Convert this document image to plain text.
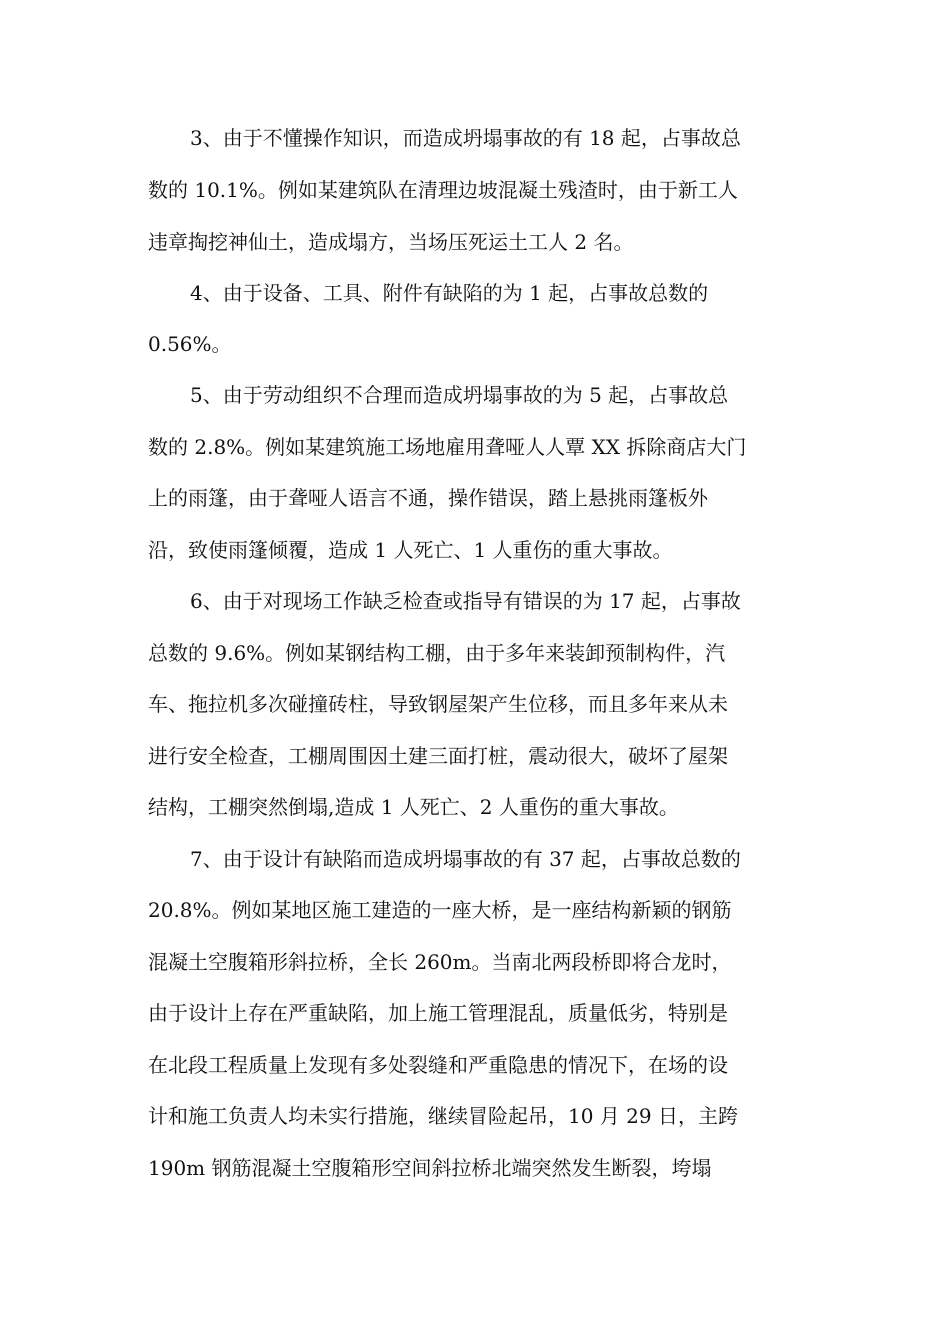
3、由于不懂操作知识，而造成坍塌事故的有 18 起，占事故总
数的 10.1%。例如某建筑队在清理边坡混凝土残渣时，由于新工人
违章掏挖神仙土，造成塌方，当场压死运土工人 2 名。
4、由于设备、工具、附件有缺陷的为 1 起，占事故总数的
0.56%。
5、由于劳动组织不合理而造成坍塌事故的为 5 起，占事故总
数的 2.8%。例如某建筑施工场地雇用聋哑人人覃 XX 拆除商店大门
上的雨篷，由于聋哑人语言不通，操作错误，踏上悬挑雨篷板外
沿，致使雨篷倾覆，造成 1 人死亡、1 人重伤的重大事故。
6、由于对现场工作缺乏检查或指导有错误的为 17 起，占事故
总数的 9.6%。例如某钢结构工棚，由于多年来装卸预制构件，汽
车、拖拉机多次碰撞砖柱，导致钢屋架产生位移，而且多年来从未
进行安全检查，工棚周围因土建三面打桩，震动很大，破坏了屋架
结构，工棚突然倒塌,造成 1 人死亡、2 人重伤的重大事故。
7、由于设计有缺陷而造成坍塌事故的有 37 起，占事故总数的
20.8%。例如某地区施工建造的一座大桥，是一座结构新颖的钢筋
混凝土空腹箱形斜拉桥，全长 260m。当南北两段桥即将合龙时，
由于设计上存在严重缺陷，加上施工管理混乱，质量低劣，特别是
在北段工程质量上发现有多处裂缝和严重隐患的情况下，在场的设
计和施工负责人均未实行措施，继续冒险起吊，10 月 29 日，主跨
190m 钢筋混凝土空腹箱形空间斜拉桥北端突然发生断裂，垮塌
